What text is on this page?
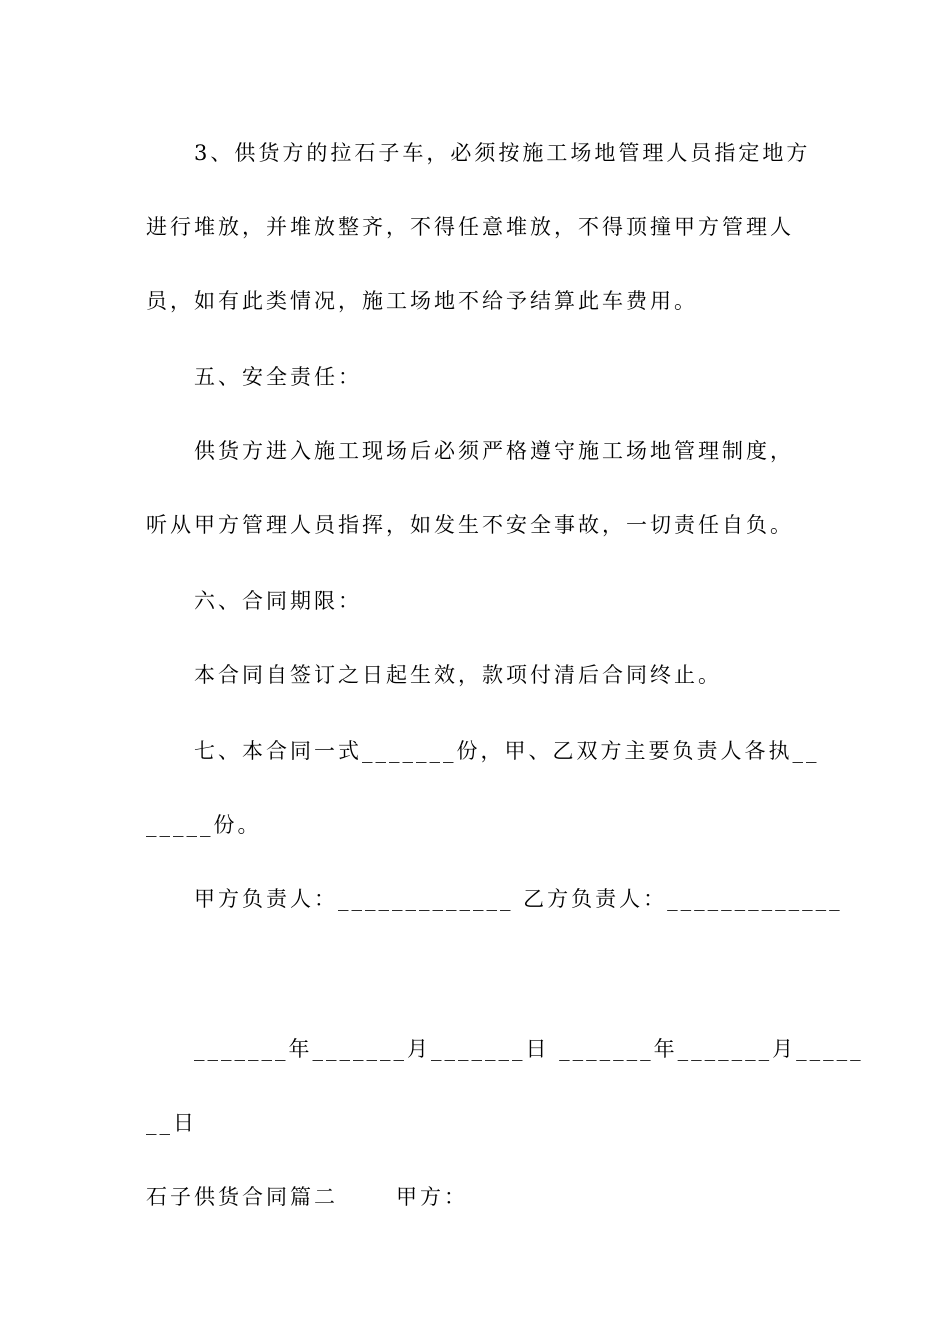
3、供货方的拉石子车，必须按施工场地管理人员指定地方
进行堆放，并堆放整齐，不得任意堆放，不得顶撞甲方管理人
员，如有此类情况，施工场地不给予结算此车费用。
五、安全责任：
供货方进入施工现场后必须严格遵守施工场地管理制度，
听从甲方管理人员指挥，如发生不安全事故，一切责任自负。
六、合同期限：
本合同自签订之日起生效，款项付清后合同终止。
七、本合同一式_______份，甲、乙双方主要负责人各执__
_____份。
甲方负责人：_____________ 乙方负责人：_____________
_______年_______月_______日 _______年_______月_____
__日
石子供货合同篇二      甲方：
